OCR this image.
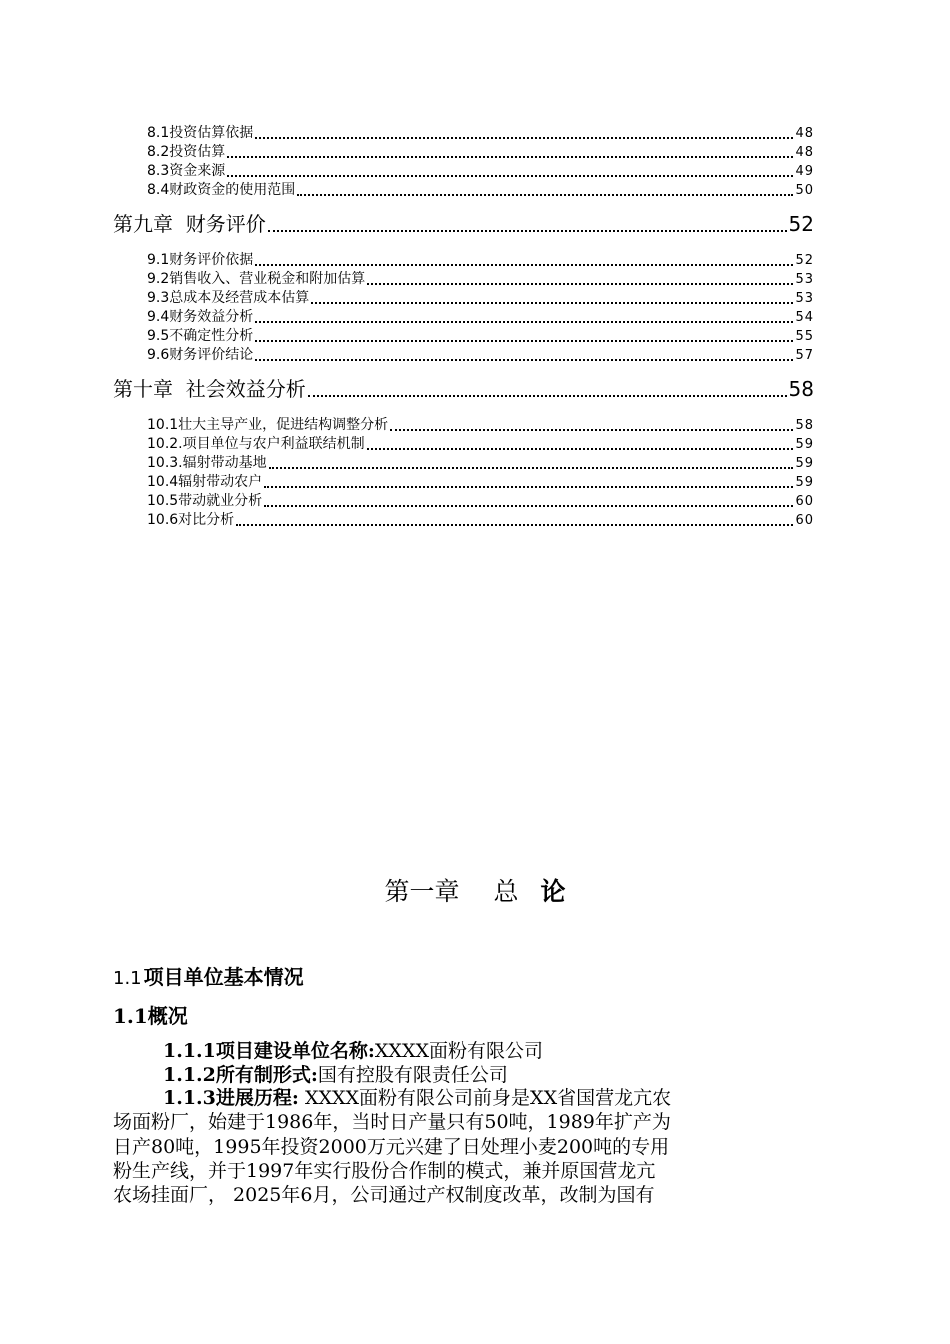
8.1投资估算依据	48
8.2投资估算	48
8.3资金来源	49
8.4财政资金的使用范围	50
第九章  财务评价	52
9.1财务评价依据	52
9.2销售收入、营业税金和附加估算	53
9.3总成本及经营成本估算	53
9.4财务效益分析	54
9.5不确定性分析	55
9.6财务评价结论	57
第十章  社会效益分析	58
10.1壮大主导产业，促进结构调整分析	58
10.2.项目单位与农户利益联结机制	59
10.3.辐射带动基地	59
10.4辐射带动农户	59
10.5带动就业分析	60
10.6对比分析	60
第一章 总 论
1.1 项目单位基本情况
1.1概况
1.1.1项目建设单位名称:XXXX面粉有限公司
1.1.2所有制形式:国有控股有限责任公司
1.1.3进展历程: XXXX面粉有限公司前身是XX省国营龙亢农
场面粉厂，始建于1986年，当时日产量只有50吨，1989年扩产为
日产80吨，1995年投资2000万元兴建了日处理小麦200吨的专用
粉生产线，并于1997年实行股份合作制的模式，兼并原国营龙亢
农场挂面厂， 2025年6月，公司通过产权制度改革，改制为国有
